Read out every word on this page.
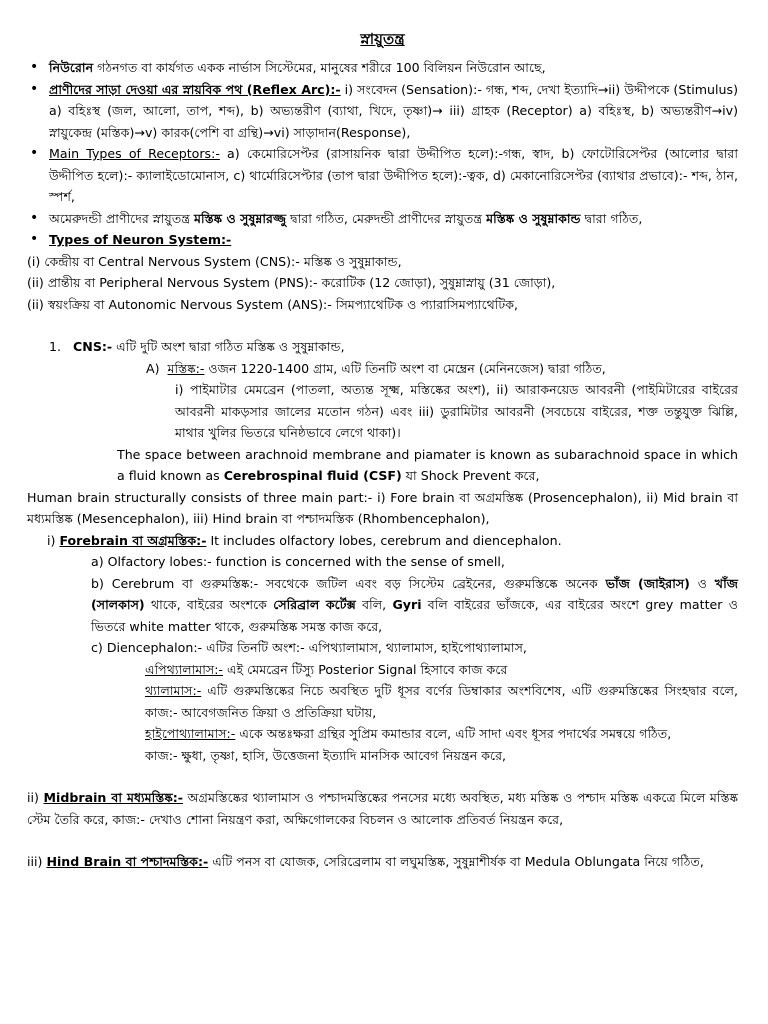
স্নায়ুতন্ত্র
• নিউরোন গঠনগত বা কার্যগত একক নার্ভাস সিস্টেমের, মানুষের শরীরে 100 বিলিয়ন নিউরোন আছে,
• প্রাণীদের সাড়া দেওয়া এর স্নায়বিক পথ (Reflex Arc):- i) সংবেদন (Sensation):- গন্ধ, শব্দ, দেখা ইত্যাদি→ii) উদ্দীপকে (Stimulus) a) বহিঃস্থ (জল, আলো, তাপ, শব্দ), b) অভ্যন্তরীণ (ব্যাথা, খিদে, তৃষ্ণা)→ iii) গ্রাহক (Receptor) a) বহিঃস্থ, b) অভ্যন্তরীণ→iv) স্নায়ুকেন্দ্র (মস্তিক)→v) কারক(পেশি বা গ্রন্থি)→vi) সাড়াদান(Response),
• Main Types of Receptors:- a) কেমোরিসেপ্টর (রাসায়নিক দ্বারা উদ্দীপিত হলে):-গন্ধ, স্বাদ, b) ফোটোরিসেপ্টর (আলোর দ্বারা উদ্দীপিত হলে):- ক্যালাইডোমোনাস, c) থার্মোরিসেপ্টার (তাপ দ্বারা উদ্দীপিত হলে):-ত্বক, d) মেকানোরিসেপ্টর (ব্যাথার প্রভাবে):- শব্দ, ঠান, স্পর্শ,
• অমেরুদন্ডী প্রাণীদের স্নায়ুতন্ত্র মস্তিষ্ক ও সুষুম্নারজ্জু দ্বারা গঠিত, মেরুদন্ডী প্রাণীদের স্নায়ুতন্ত্র মস্তিষ্ক ও সুষুম্নাকান্ড দ্বারা গঠিত,
• Types of Neuron System:-

(i) কেন্দ্রীয় বা Central Nervous System (CNS):- মস্তিষ্ক ও সুষুম্নাকান্ড,

(ii) প্রান্তীয় বা Peripheral Nervous System (PNS):- করোটিক (12 জোড়া), সুষুম্নাস্নায়ু (31 জোড়া),

(ii) স্বয়ংক্রিয় বা Autonomic Nervous System (ANS):- সিমপ্যাথেটিক ও প্যারাসিমপ্যাথেটিক,

1. CNS:- এটি দুটি অংশ দ্বারা গঠিত মস্তিষ্ক ও সুষুম্নাকান্ড,

A) মস্তিষ্ক:- ওজন 1220-1400 গ্রাম, এটি তিনটি অংশ বা মেম্ব্রেন (মেনিনজেস) দ্বারা গঠিত,

i) পাইমাটার মেমব্রেন (পাতলা, অত্যন্ত সূক্ষ্ম, মস্তিষ্কের অংশ), ii) আরাকনয়েড আবরনী (পাইমিটারের বাইরের আবরনী মাকড়সার জালের মতোন গঠন) এবং iii) ডুরামিটার আবরনী (সবচেয়ে বাইরের, শক্ত তন্তুযুক্ত ঝিল্লি, মাথার খুলির ভিতরে ঘনিষ্ঠভাবে লেগে থাকা)।

The space between arachnoid membrane and piamater is known as subarachnoid space in which a fluid known as Cerebrospinal fluid (CSF) যা Shock Prevent করে,

Human brain structurally consists of three main part:- i) Fore brain বা অগ্রমস্তিষ্ক (Prosencephalon), ii) Mid brain বা মধ্যমস্তিষ্ক (Mesencephalon), iii) Hind brain বা পশ্চাদমস্তিক (Rhombencephalon),

i) Forebrain বা অগ্রমস্তিক:- It includes olfactory lobes, cerebrum and diencephalon.

a) Olfactory lobes:- function is concerned with the sense of smell,

b) Cerebrum বা গুরুমস্তিষ্ক:- সবথেকে জটিল এবং বড় সিস্টেম ব্রেইনের, গুরুমস্তিষ্কে অনেক ভাঁজ (জাইরাস) ও খাঁজ (সালকাস) থাকে, বাইরের অংশকে সেরিব্রাল কর্টেক্স বলি, Gyri বলি বাইরের ভাঁজকে, এর বাইরের অংশে grey matter ও ভিতরে white matter থাকে, গুরুমস্তিষ্ক সমস্ত কাজ করে,

c) Diencephalon:- এটির তিনটি অংশ:- এপিথ্যালামাস, থ্যালামাস, হাইপোথ্যালামাস,

এপিথ্যালামাস:- এই মেমব্রেন টিস্যু Posterior Signal হিসাবে কাজ করে

থ্যালামাস:- এটি গুরুমস্তিষ্কের নিচে অবস্থিত দুটি ধূসর বর্ণের ডিম্বাকার অংশবিশেষ, এটি গুরুমস্তিষ্কের সিংহদ্বার বলে, কাজ:- আবেগজনিত ক্রিয়া ও প্রতিক্রিয়া ঘটায়,

হাইপোথ্যালামাস:- একে অন্তঃক্ষরা গ্রন্থির সুপ্রিম কমান্ডার বলে, এটি সাদা এবং ধূসর পদার্থের সমন্বয়ে গঠিত,

কাজ:- ক্ষুধা, তৃষ্ণা, হাসি, উত্তেজনা ইত্যাদি মানসিক আবেগ নিয়ন্ত্রন করে,

ii) Midbrain বা মধ্যমস্তিষ্ক:- অগ্রমস্তিষ্কের থ্যালামাস ও পশ্চাদমস্তিষ্কের পনসের মধ্যে অবস্থিত, মধ্য মস্তিষ্ক ও পশ্চাদ মস্তিষ্ক একত্রে মিলে মস্তিষ্ক স্টেম তৈরি করে, কাজ:- দেখাও শোনা নিয়ন্ত্রণ করা, অক্ষিগোলকের বিচলন ও আলোক প্রতিবর্ত নিয়ন্ত্রন করে,

iii) Hind Brain বা পশ্চাদমস্তিক:- এটি পনস বা যোজক, সেরিব্রেলাম বা লঘুমস্তিষ্ক, সুষুম্নাশীর্ষক বা Medula Oblungata নিয়ে গঠিত,
